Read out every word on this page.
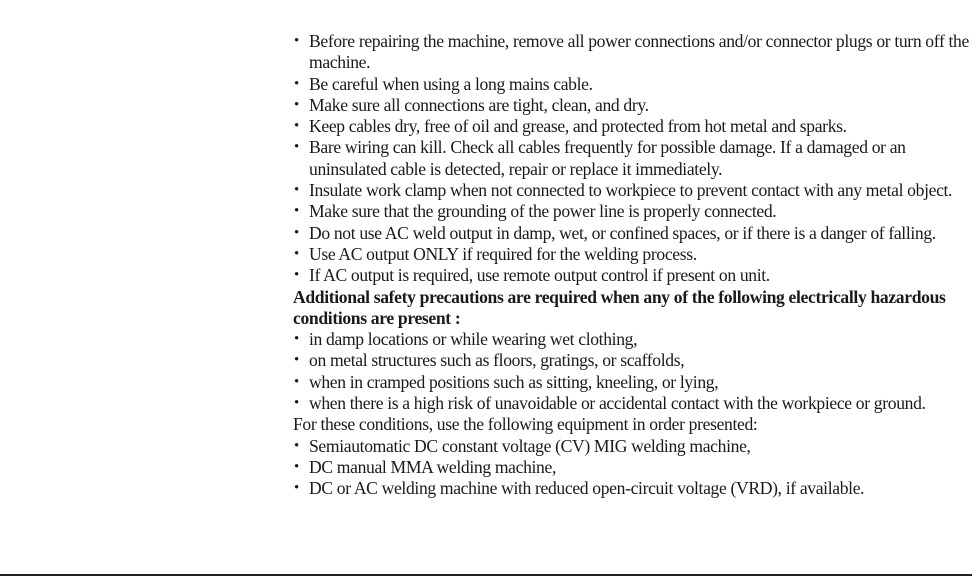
• Before repairing the machine, remove all power connections and/or connector plugs or turn off the machine.
• Be careful when using a long mains cable.
• Make sure all connections are tight, clean, and dry.
• Keep cables dry, free of oil and grease, and protected from hot metal and sparks.
• Bare wiring can kill. Check all cables frequently for possible damage. If a damaged or an uninsulated cable is detected, repair or replace it immediately.
• Insulate work clamp when not connected to workpiece to prevent contact with any metal object.
• Make sure that the grounding of the power line is properly connected.
• Do not use AC weld output in damp, wet, or confined spaces, or if there is a danger of falling.
• Use AC output ONLY if required for the welding process.
• If AC output is required, use remote output control if present on unit.
Additional safety precautions are required when any of the following electrically hazardous conditions are present :
• in damp locations or while wearing wet clothing,
• on metal structures such as floors, gratings, or scaffolds,
• when in cramped positions such as sitting, kneeling, or lying,
• when there is a high risk of unavoidable or accidental contact with the workpiece or ground.
For these conditions, use the following equipment in order presented:
• Semiautomatic DC constant voltage (CV) MIG welding machine,
• DC manual MMA welding machine,
• DC or AC welding machine with reduced open-circuit voltage (VRD), if available.
